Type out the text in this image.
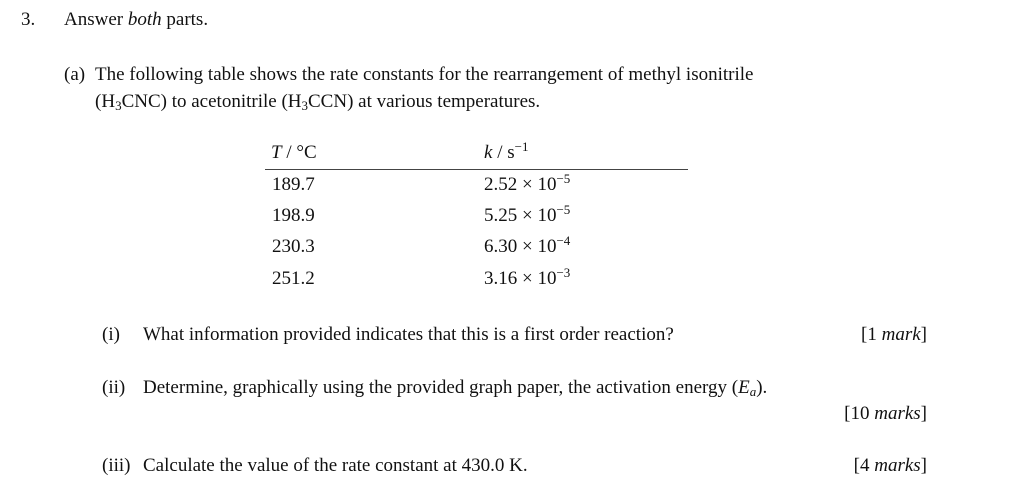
3. Answer both parts.
(a) The following table shows the rate constants for the rearrangement of methyl isonitrile
$(H_3CNC)$ to acetonitrile $(H_3CCN)$ at various temperatures.
T / °C	k / $s^{-1}$
189.7	$2.52 \times 10^{-5}$
198.9	$5.25 \times 10^{-5}$
230.3	$6.30 \times 10^{-4}$
251.2	$3.16 \times 10^{-3}$
(i) What information provided indicates that this is a first order reaction?	[1 mark]
(ii) Determine, graphically using the provided graph paper, the activation energy $(E_a)$.
[10 marks]
(iii) Calculate the value of the rate constant at 430.0 K.	[4 marks]
